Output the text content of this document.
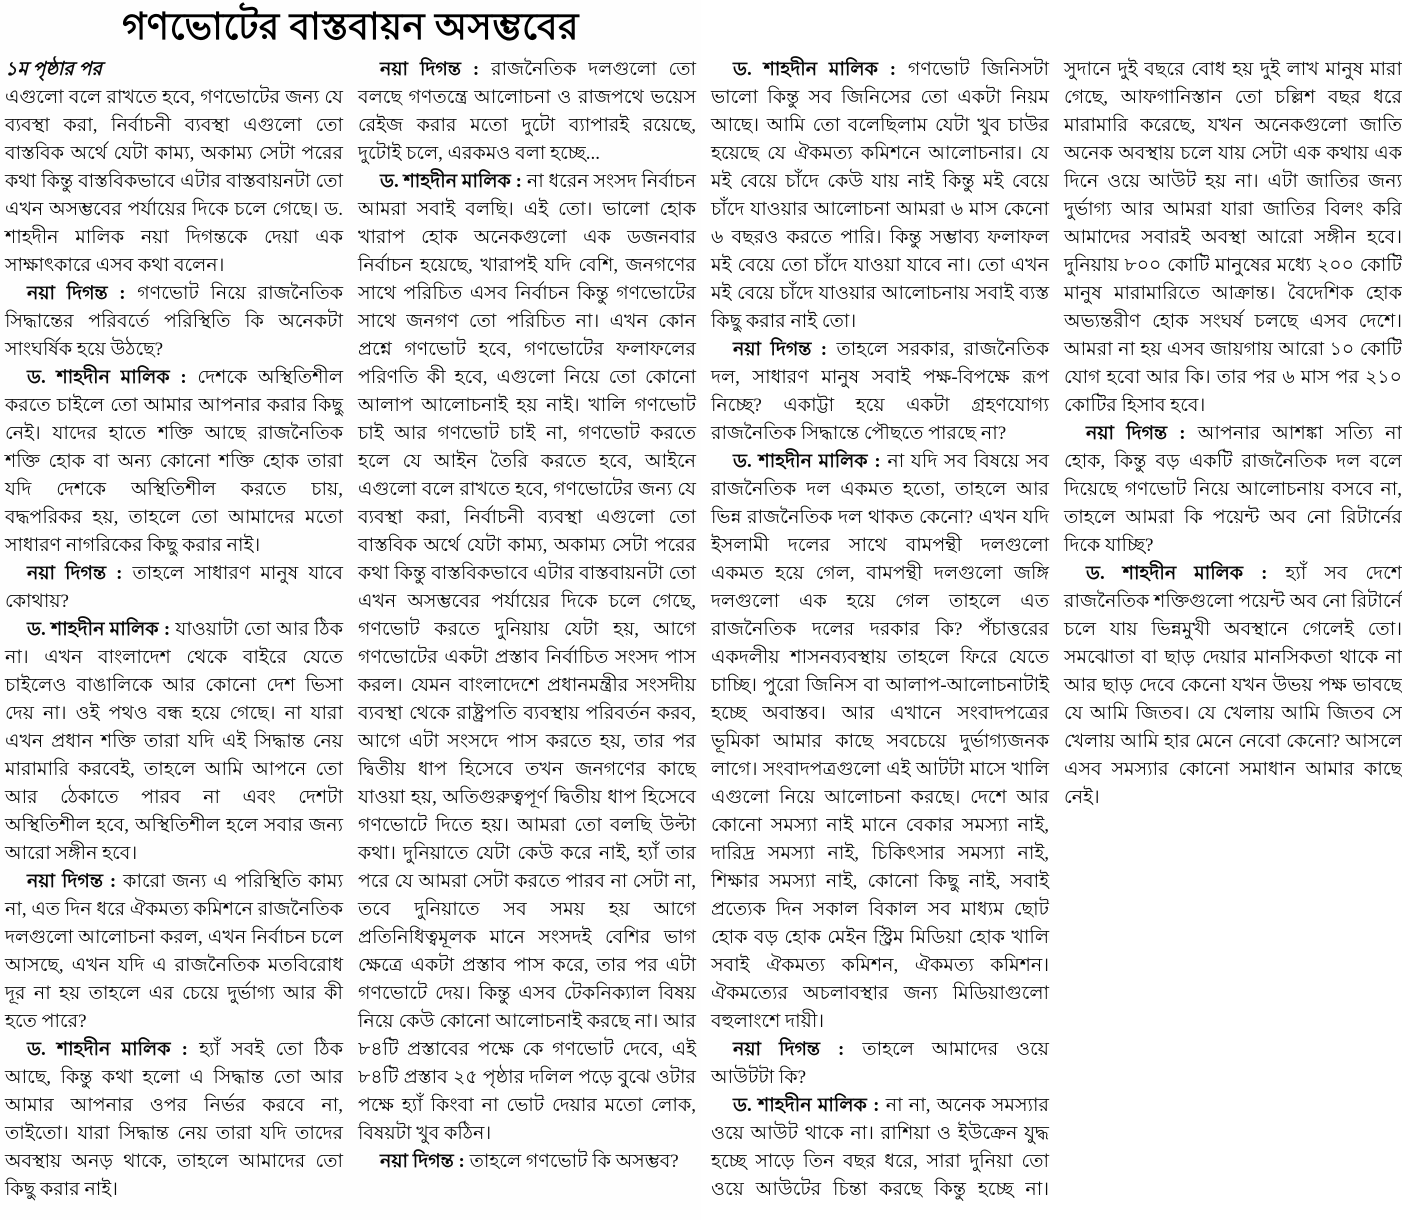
গণভোটের বাস্তবায়ন অসম্ভবের

১ম পৃষ্ঠার পর

এগুলো বলে রাখতে হবে, গণভোটের জন্য যে ব্যবস্থা করা, নির্বাচনী ব্যবস্থা এগুলো তো বাস্তবিক অর্থে যেটা কাম্য, অকাম্য সেটা পরের কথা কিন্তু বাস্তবিকভাবে এটার বাস্তবায়নটা তো এখন অসম্ভবের পর্যায়ের দিকে চলে গেছে। ড. শাহদীন মালিক নয়া দিগন্তকে দেয়া এক সাক্ষাৎকারে এসব কথা বলেন।

নয়া দিগন্ত : গণভোট নিয়ে রাজনৈতিক সিদ্ধান্তের পরিবর্তে পরিস্থিতি কি অনেকটা সাংঘর্ষিক হয়ে উঠছে?

ড. শাহদীন মালিক : দেশকে অস্থিতিশীল করতে চাইলে তো আমার আপনার করার কিছু নেই। যাদের হাতে শক্তি আছে রাজনৈতিক শক্তি হোক বা অন্য কোনো শক্তি হোক তারা যদি দেশকে অস্থিতিশীল করতে চায়, বদ্ধপরিকর হয়, তাহলে তো আমাদের মতো সাধারণ নাগরিকের কিছু করার নাই।

নয়া দিগন্ত : তাহলে সাধারণ মানুষ যাবে কোথায়?

ড. শাহদীন মালিক : যাওয়াটা তো আর ঠিক না। এখন বাংলাদেশ থেকে বাইরে যেতে চাইলেও বাঙালিকে আর কোনো দেশ ভিসা দেয় না। ওই পথও বন্ধ হয়ে গেছে। না যারা এখন প্রধান শক্তি তারা যদি এই সিদ্ধান্ত নেয় মারামারি করবেই, তাহলে আমি আপনে তো আর ঠেকাতে পারব না এবং দেশটা অস্থিতিশীল হবে, অস্থিতিশীল হলে সবার জন্য আরো সঙ্গীন হবে।

নয়া দিগন্ত : কারো জন্য এ পরিস্থিতি কাম্য না, এত দিন ধরে ঐকমত্য কমিশনে রাজনৈতিক দলগুলো আলোচনা করল, এখন নির্বাচন চলে আসছে, এখন যদি এ রাজনৈতিক মতবিরোধ দূর না হয় তাহলে এর চেয়ে দুর্ভাগ্য আর কী হতে পারে?

ড. শাহদীন মালিক : হ্যাঁ সবই তো ঠিক আছে, কিন্তু কথা হলো এ সিদ্ধান্ত তো আর আমার আপনার ওপর নির্ভর করবে না, তাইতো। যারা সিদ্ধান্ত নেয় তারা যদি তাদের অবস্থায় অনড় থাকে, তাহলে আমাদের তো কিছু করার নাই।

নয়া দিগন্ত : রাজনৈতিক দলগুলো তো বলছে গণতন্ত্রে আলোচনা ও রাজপথে ভয়েস রেইজ করার মতো দুটো ব্যাপারই রয়েছে, দুটোই চলে, এরকমও বলা হচ্ছে...

ড. শাহদীন মালিক : না ধরেন সংসদ নির্বাচন আমরা সবাই বলছি। এই তো। ভালো হোক খারাপ হোক অনেকগুলো এক ডজনবার নির্বাচন হয়েছে, খারাপই যদি বেশি, জনগণের সাথে পরিচিত এসব নির্বাচন কিন্তু গণভোটের সাথে জনগণ তো পরিচিত না। এখন কোন প্রশ্নে গণভোট হবে, গণভোটের ফলাফলের পরিণতি কী হবে, এগুলো নিয়ে তো কোনো আলাপ আলোচনাই হয় নাই। খালি গণভোট চাই আর গণভোট চাই না, গণভোট করতে হলে যে আইন তৈরি করতে হবে, আইনে এগুলো বলে রাখতে হবে, গণভোটের জন্য যে ব্যবস্থা করা, নির্বাচনী ব্যবস্থা এগুলো তো বাস্তবিক অর্থে যেটা কাম্য, অকাম্য সেটা পরের কথা কিন্তু বাস্তবিকভাবে এটার বাস্তবায়নটা তো এখন অসম্ভবের পর্যায়ের দিকে চলে গেছে, গণভোট করতে দুনিয়ায় যেটা হয়, আগে গণভোটের একটা প্রস্তাব নির্বাচিত সংসদ পাস করল। যেমন বাংলাদেশে প্রধানমন্ত্রীর সংসদীয় ব্যবস্থা থেকে রাষ্ট্রপতি ব্যবস্থায় পরিবর্তন করব, আগে এটা সংসদে পাস করতে হয়, তার পর দ্বিতীয় ধাপ হিসেবে তখন জনগণের কাছে যাওয়া হয়, অতিগুরুত্বপূর্ণ দ্বিতীয় ধাপ হিসেবে গণভোটে দিতে হয়। আমরা তো বলছি উল্টা কথা। দুনিয়াতে যেটা কেউ করে নাই, হ্যাঁ তার পরে যে আমরা সেটা করতে পারব না সেটা না, তবে দুনিয়াতে সব সময় হয় আগে প্রতিনিধিত্বমূলক মানে সংসদই বেশির ভাগ ক্ষেত্রে একটা প্রস্তাব পাস করে, তার পর এটা গণভোটে দেয়। কিন্তু এসব টেকনিক্যাল বিষয় নিয়ে কেউ কোনো আলোচনাই করছে না। আর ৮৪টি প্রস্তাবের পক্ষে কে গণভোট দেবে, এই ৮৪টি প্রস্তাব ২৫ পৃষ্ঠার দলিল পড়ে বুঝে ওটার পক্ষে হ্যাঁ কিংবা না ভোট দেয়ার মতো লোক, বিষয়টা খুব কঠিন।

নয়া দিগন্ত : তাহলে গণভোট কি অসম্ভব?

ড. শাহদীন মালিক : গণভোট জিনিসটা ভালো কিন্তু সব জিনিসের তো একটা নিয়ম আছে। আমি তো বলেছিলাম যেটা খুব চাউর হয়েছে যে ঐকমত্য কমিশনে আলোচনার। যে মই বেয়ে চাঁদে কেউ যায় নাই কিন্তু মই বেয়ে চাঁদে যাওয়ার আলোচনা আমরা ৬ মাস কেনো ৬ বছরও করতে পারি। কিন্তু সম্ভাব্য ফলাফল মই বেয়ে তো চাঁদে যাওয়া যাবে না। তো এখন মই বেয়ে চাঁদে যাওয়ার আলোচনায় সবাই ব্যস্ত কিছু করার নাই তো।

নয়া দিগন্ত : তাহলে সরকার, রাজনৈতিক দল, সাধারণ মানুষ সবাই পক্ষ-বিপক্ষে রূপ নিচ্ছে? একাট্টা হয়ে একটা গ্রহণযোগ্য রাজনৈতিক সিদ্ধান্তে পৌছতে পারছে না?

ড. শাহদীন মালিক : না যদি সব বিষয়ে সব রাজনৈতিক দল একমত হতো, তাহলে আর ভিন্ন রাজনৈতিক দল থাকত কেনো? এখন যদি ইসলামী দলের সাথে বামপন্থী দলগুলো একমত হয়ে গেল, বামপন্থী দলগুলো জঙ্গি দলগুলো এক হয়ে গেল তাহলে এত রাজনৈতিক দলের দরকার কি? পঁচাত্তরের একদলীয় শাসনব্যবস্থায় তাহলে ফিরে যেতে চাচ্ছি। পুরো জিনিস বা আলাপ-আলোচনাটাই হচ্ছে অবাস্তব। আর এখানে সংবাদপত্রের ভূমিকা আমার কাছে সবচেয়ে দুর্ভাগ্যজনক লাগে। সংবাদপত্রগুলো এই আটটা মাসে খালি এগুলো নিয়ে আলোচনা করছে। দেশে আর কোনো সমস্যা নাই মানে বেকার সমস্যা নাই, দারিদ্র সমস্যা নাই, চিকিৎসার সমস্যা নাই, শিক্ষার সমস্যা নাই, কোনো কিছু নাই, সবাই প্রত্যেক দিন সকাল বিকাল সব মাধ্যম ছোট হোক বড় হোক মেইন স্ট্রিম মিডিয়া হোক খালি সবাই ঐকমত্য কমিশন, ঐকমত্য কমিশন। ঐকমত্যের অচলাবস্থার জন্য মিডিয়াগুলো বহুলাংশে দায়ী।

নয়া দিগন্ত : তাহলে আমাদের ওয়ে আউটটা কি?

ড. শাহদীন মালিক : না না, অনেক সমস্যার ওয়ে আউট থাকে না। রাশিয়া ও ইউক্রেন যুদ্ধ হচ্ছে সাড়ে তিন বছর ধরে, সারা দুনিয়া তো ওয়ে আউটের চিন্তা করছে কিন্তু হচ্ছে না। সুদানে দুই বছরে বোধ হয় দুই লাখ মানুষ মারা গেছে, আফগানিস্তান তো চল্লিশ বছর ধরে মারামারি করেছে, যখন অনেকগুলো জাতি অনেক অবস্থায় চলে যায় সেটা এক কথায় এক দিনে ওয়ে আউট হয় না। এটা জাতির জন্য দুর্ভাগ্য আর আমরা যারা জাতির বিলং করি আমাদের সবারই অবস্থা আরো সঙ্গীন হবে। দুনিয়ায় ৮০০ কোটি মানুষের মধ্যে ২০০ কোটি মানুষ মারামারিতে আক্রান্ত। বৈদেশিক হোক অভ্যন্তরীণ হোক সংঘর্ষ চলছে এসব দেশে। আমরা না হয় এসব জায়গায় আরো ১০ কোটি যোগ হবো আর কি। তার পর ৬ মাস পর ২১০ কোটির হিসাব হবে।

নয়া দিগন্ত : আপনার আশঙ্কা সত্যি না হোক, কিন্তু বড় একটি রাজনৈতিক দল বলে দিয়েছে গণভোট নিয়ে আলোচনায় বসবে না, তাহলে আমরা কি পয়েন্ট অব নো রিটার্নের দিকে যাচ্ছি?

ড. শাহদীন মালিক : হ্যাঁ সব দেশে রাজনৈতিক শক্তিগুলো পয়েন্ট অব নো রিটার্নে চলে যায় ভিন্নমুখী অবস্থানে গেলেই তো। সমঝোতা বা ছাড় দেয়ার মানসিকতা থাকে না আর ছাড় দেবে কেনো যখন উভয় পক্ষ ভাবছে যে আমি জিতব। যে খেলায় আমি জিতব সে খেলায় আমি হার মেনে নেবো কেনো? আসলে এসব সমস্যার কোনো সমাধান আমার কাছে নেই।
